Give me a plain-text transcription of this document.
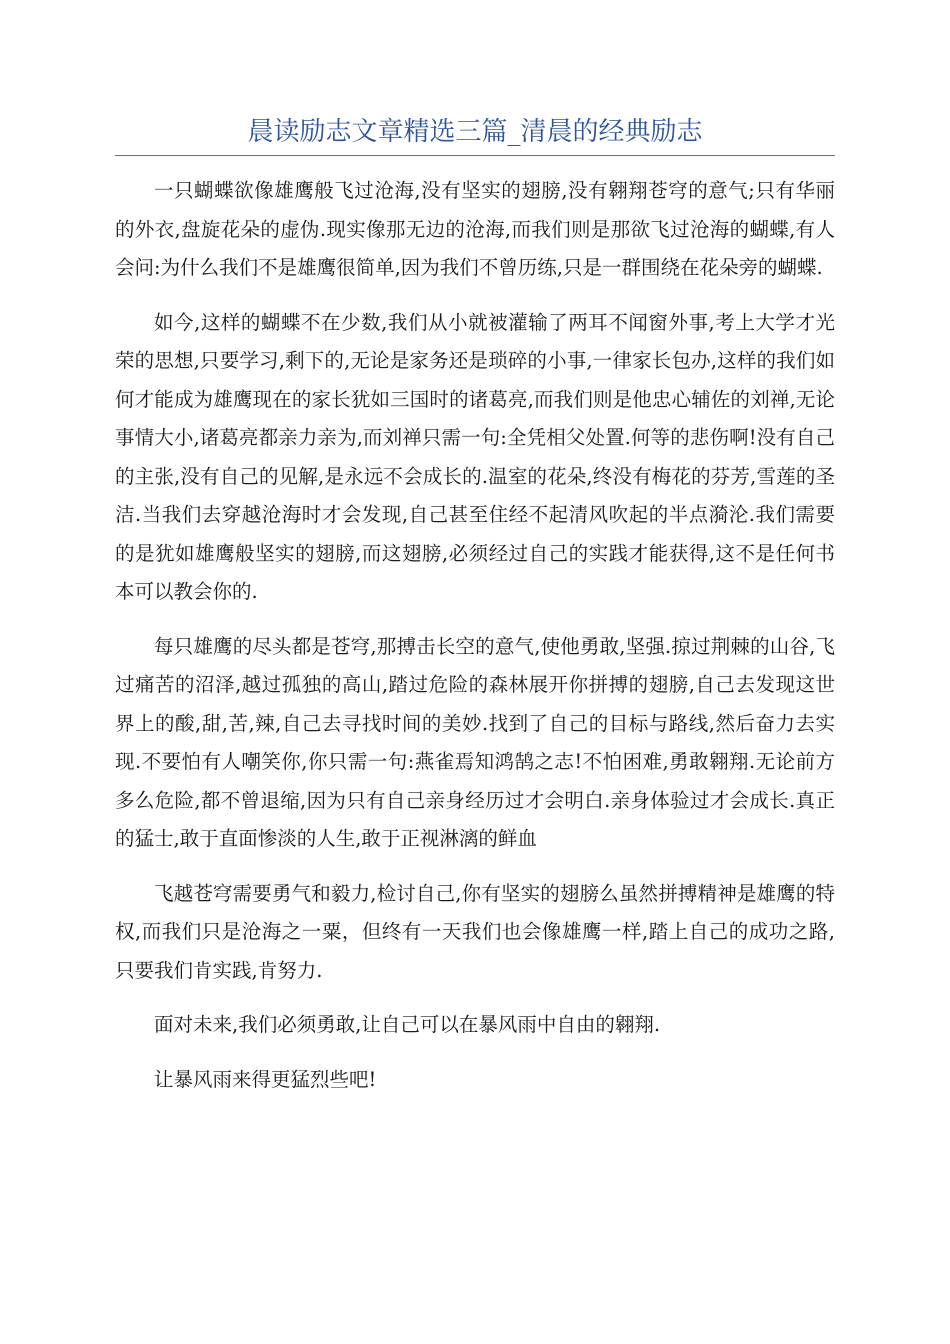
晨读励志文章精选三篇_清晨的经典励志

一只蝴蝶欲像雄鹰般飞过沧海,没有坚实的翅膀,没有翱翔苍穹的意气;只有华丽的外衣,盘旋花朵的虚伪.现实像那无边的沧海,而我们则是那欲飞过沧海的蝴蝶,有人会问:为什么我们不是雄鹰很简单,因为我们不曾历练,只是一群围绕在花朵旁的蝴蝶.

如今,这样的蝴蝶不在少数,我们从小就被灌输了两耳不闻窗外事,考上大学才光荣的思想,只要学习,剩下的,无论是家务还是琐碎的小事,一律家长包办,这样的我们如何才能成为雄鹰现在的家长犹如三国时的诸葛亮,而我们则是他忠心辅佐的刘禅,无论事情大小,诸葛亮都亲力亲为,而刘禅只需一句:全凭相父处置.何等的悲伤啊!没有自己的主张,没有自己的见解,是永远不会成长的.温室的花朵,终没有梅花的芬芳,雪莲的圣洁.当我们去穿越沧海时才会发现,自己甚至住经不起清风吹起的半点漪沦.我们需要的是犹如雄鹰般坚实的翅膀,而这翅膀,必须经过自己的实践才能获得,这不是任何书本可以教会你的.

每只雄鹰的尽头都是苍穹,那搏击长空的意气,使他勇敢,坚强.掠过荆棘的山谷,飞过痛苦的沼泽,越过孤独的高山,踏过危险的森林展开你拼搏的翅膀,自己去发现这世界上的酸,甜,苦,辣,自己去寻找时间的美妙.找到了自己的目标与路线,然后奋力去实现.不要怕有人嘲笑你,你只需一句:燕雀焉知鸿鹄之志!不怕困难,勇敢翱翔.无论前方多么危险,都不曾退缩,因为只有自己亲身经历过才会明白.亲身体验过才会成长.真正的猛士,敢于直面惨淡的人生,敢于正视淋漓的鲜血

飞越苍穹需要勇气和毅力,检讨自己,你有坚实的翅膀么虽然拼搏精神是雄鹰的特权,而我们只是沧海之一粟，但终有一天我们也会像雄鹰一样,踏上自己的成功之路,只要我们肯实践,肯努力.

面对未来,我们必须勇敢,让自己可以在暴风雨中自由的翱翔.

让暴风雨来得更猛烈些吧!
